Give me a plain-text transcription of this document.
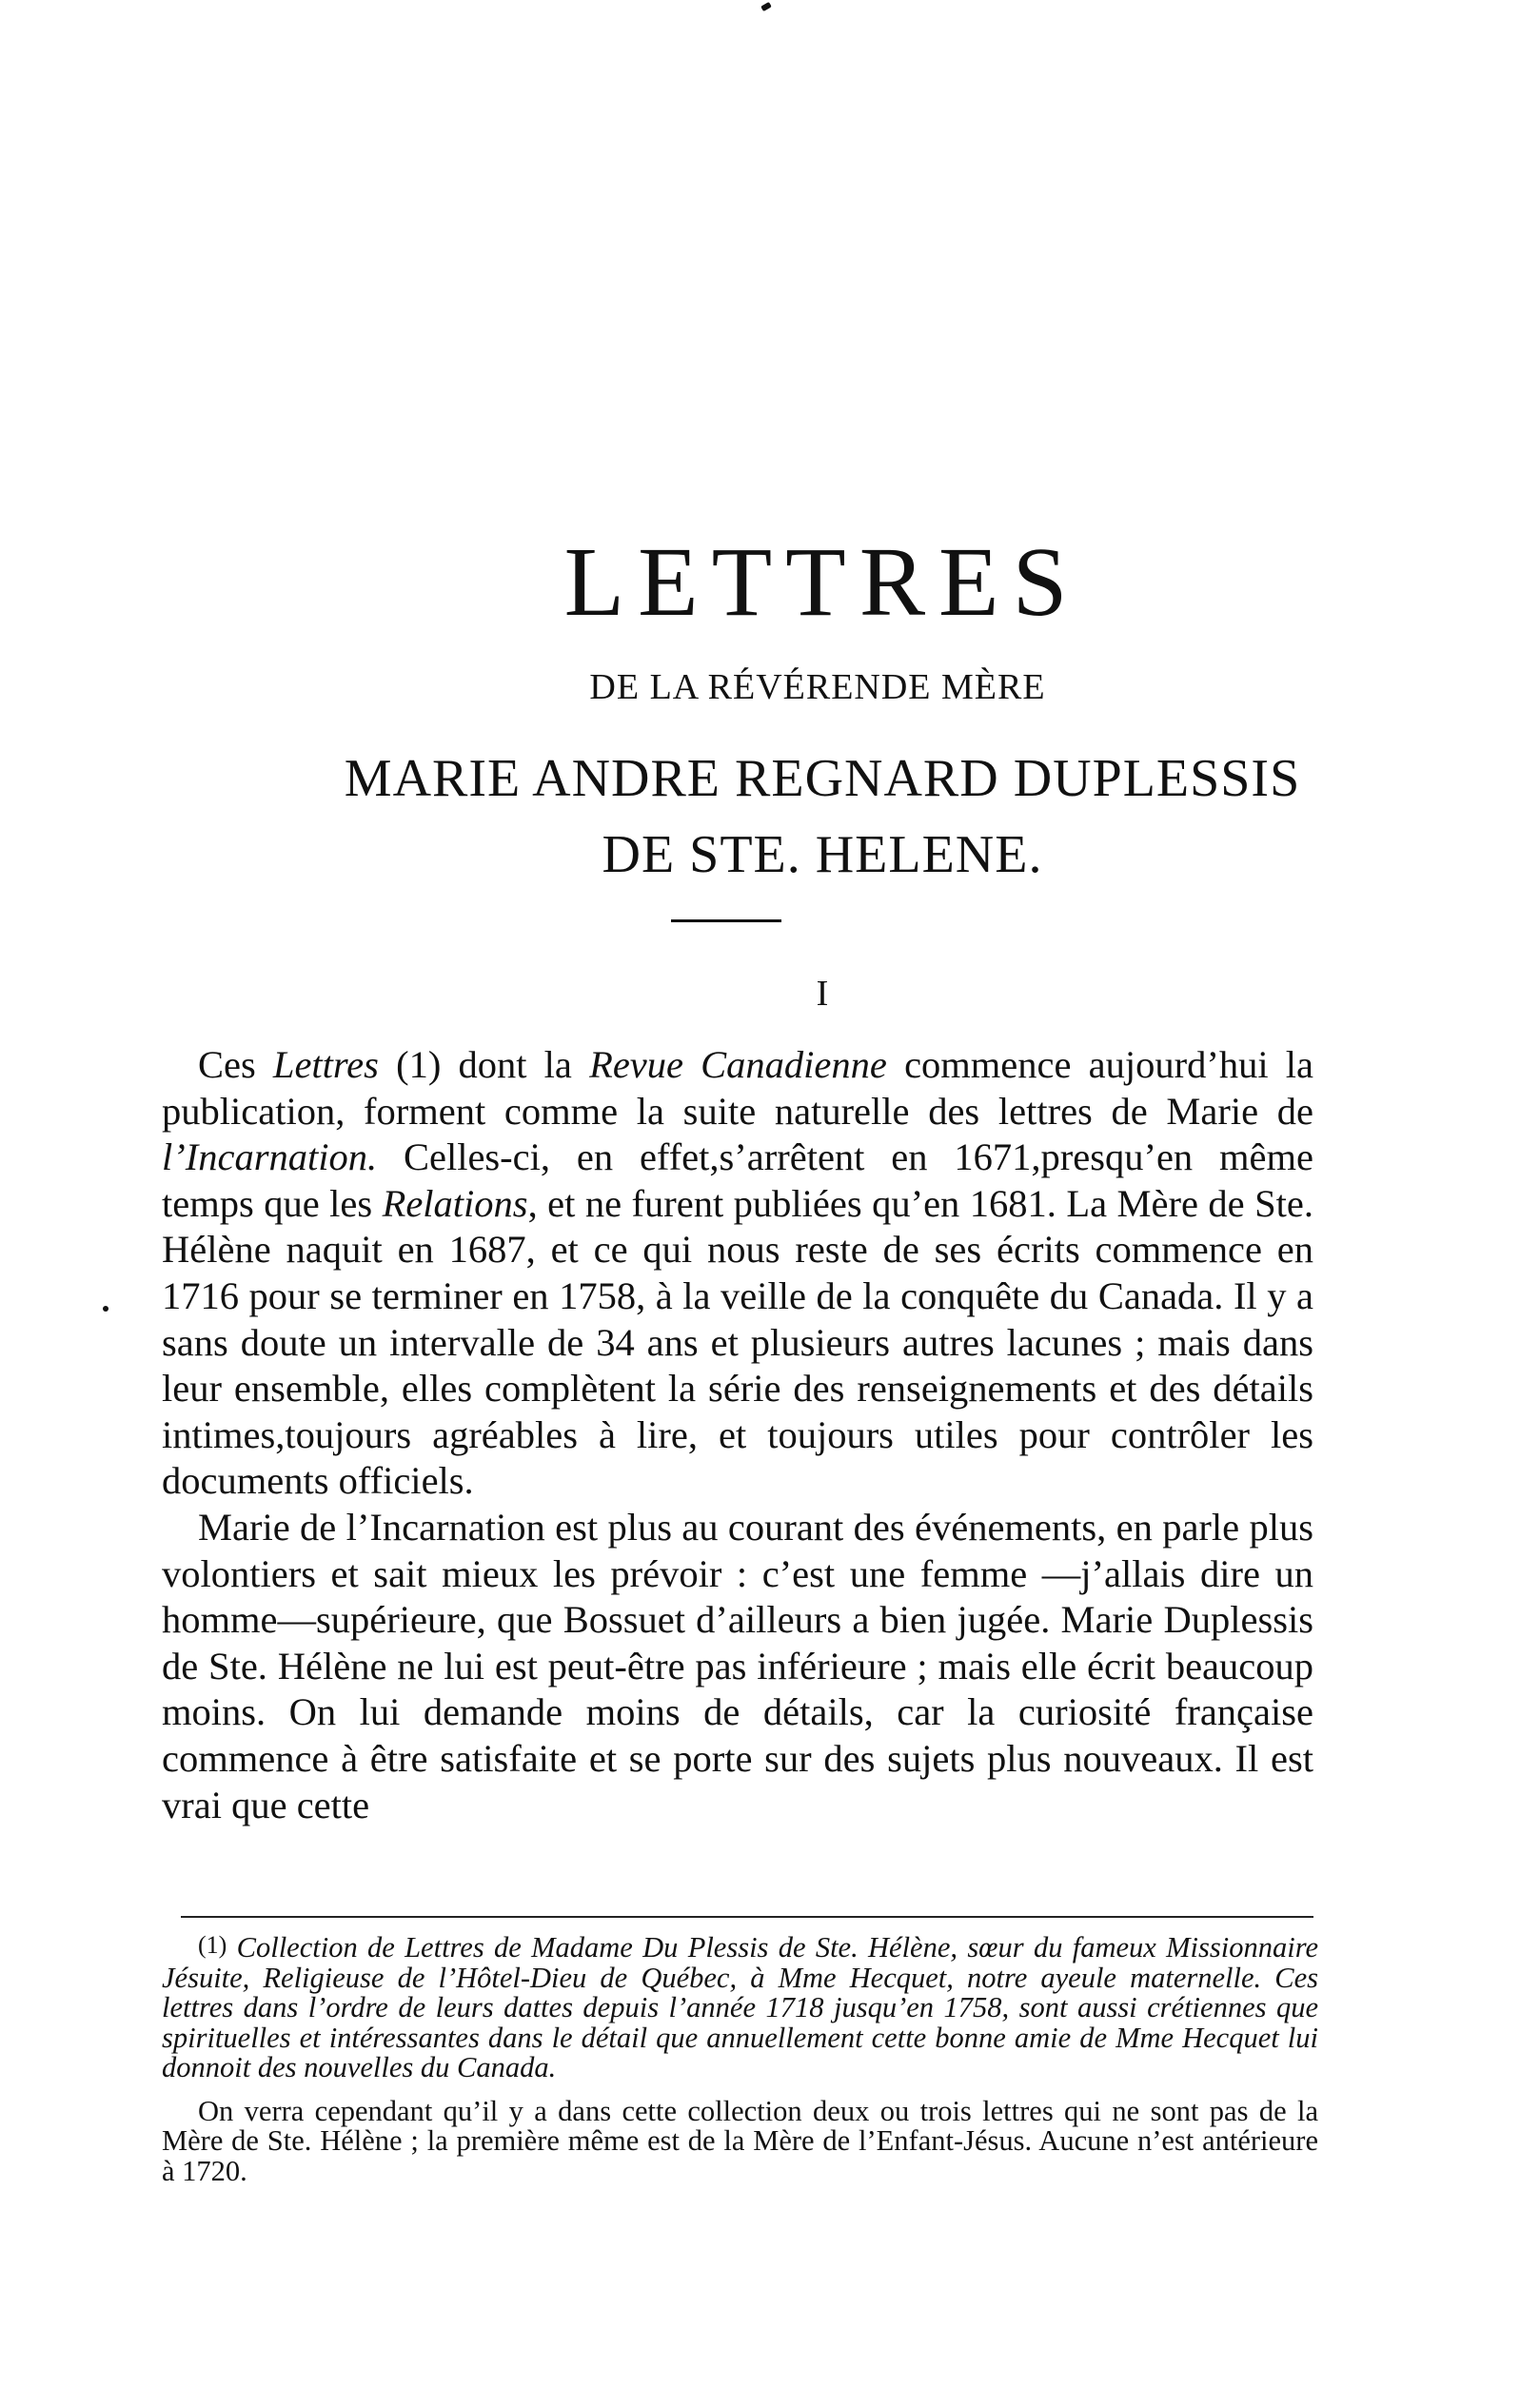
LETTRES
DE LA RÉVÉRENDE MÈRE
MARIE ANDRE REGNARD DUPLESSIS
DE STE. HELENE.
I

Ces Lettres (1) dont la Revue Canadienne commence aujourd’hui la publication, forment comme la suite naturelle des lettres de Marie de l’Incarnation. Celles-ci, en effet,s’arrêtent en 1671,presqu’en même temps que les Relations, et ne furent publiées qu’en 1681. La Mère de Ste. Hélène naquit en 1687, et ce qui nous reste de ses écrits commence en 1716 pour se terminer en 1758, à la veille de la conquête du Canada. Il y a sans doute un intervalle de 34 ans et plusieurs autres lacunes ; mais dans leur ensemble, elles complètent la série des renseignements et des détails intimes,toujours agréables à lire, et toujours utiles pour contrôler les documents officiels.

Marie de l’Incarnation est plus au courant des événements, en parle plus volontiers et sait mieux les prévoir : c’est une femme —j’allais dire un homme—supérieure, que Bossuet d’ailleurs a bien jugée. Marie Duplessis de Ste. Hélène ne lui est peut-être pas inférieure ; mais elle écrit beaucoup moins. On lui demande moins de détails, car la curiosité française commence à être satisfaite et se porte sur des sujets plus nouveaux. Il est vrai que cette

(1) Collection de Lettres de Madame Du Plessis de Ste. Hélène, sœur du fameux Missionnaire Jésuite, Religieuse de l’Hôtel-Dieu de Québec, à Mme Hecquet, notre ayeule maternelle. Ces lettres dans l’ordre de leurs dattes depuis l’année 1718 jusqu’en 1758, sont aussi crétiennes que spirituelles et intéressantes dans le détail que annuellement cette bonne amie de Mme Hecquet lui donnoit des nouvelles du Canada.

On verra cependant qu’il y a dans cette collection deux ou trois lettres qui ne sont pas de la Mère de Ste. Hélène ; la première même est de la Mère de l’Enfant-Jésus. Aucune n’est antérieure à 1720.
